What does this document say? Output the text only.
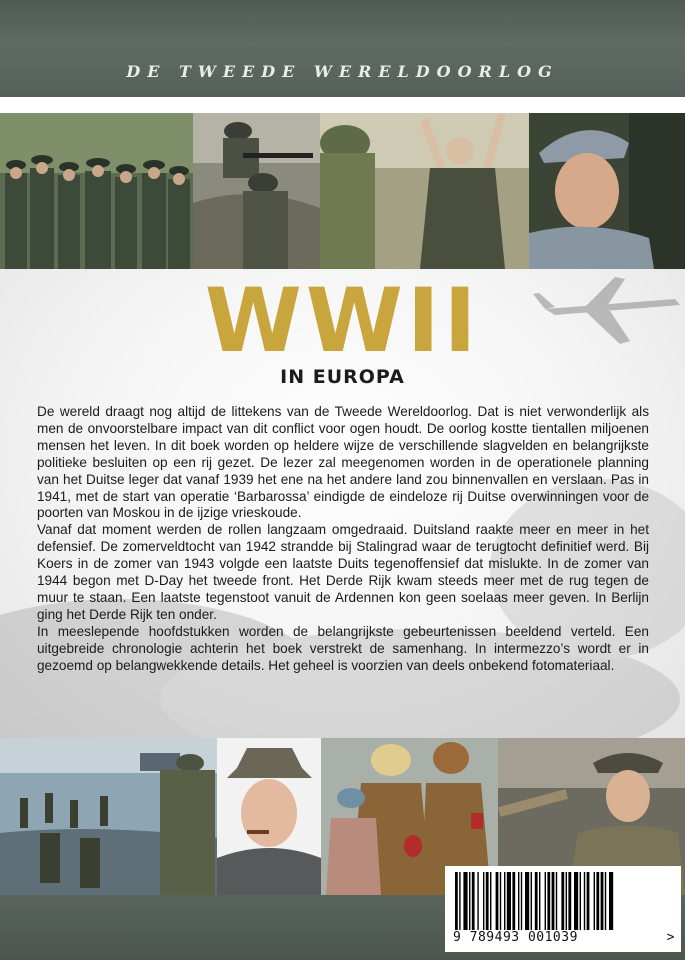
DE TWEEDE WERELDOORLOG
WWII
IN EUROPA

De wereld draagt nog altijd de littekens van de Tweede Wereldoorlog. Dat is niet verwonderlijk als men de onvoorstelbare impact van dit conflict voor ogen houdt. De oorlog kostte tientallen miljoenen mensen het leven. In dit boek worden op heldere wijze de verschillende slagvelden en belangrijkste politieke besluiten op een rij gezet. De lezer zal meegenomen worden in de operationele planning van het Duitse leger dat vanaf 1939 het ene na het andere land zou binnenvallen en verslaan. Pas in 1941, met de start van operatie ‘Barbarossa’ eindigde de eindeloze rij Duitse overwinningen voor de poorten van Moskou in de ijzige vrieskoude.

Vanaf dat moment werden de rollen langzaam omgedraaid. Duitsland raakte meer en meer in het defensief. De zomerveldtocht van 1942 strandde bij Stalingrad waar de terugtocht definitief werd. Bij Koers in de zomer van 1943 volgde een laatste Duits tegenoffensief dat mislukte. In de zomer van 1944 begon met D-Day het tweede front. Het Derde Rijk kwam steeds meer met de rug tegen de muur te staan. Een laatste tegenstoot vanuit de Ardennen kon geen soelaas meer geven. In Berlijn ging het Derde Rijk ten onder.

In meeslepende hoofdstukken worden de belangrijkste gebeurtenissen beeldend verteld. Een uitgebreide chronologie achterin het boek verstrekt de samenhang. In intermezzo’s wordt er in gezoemd op belangwekkende details. Het geheel is voorzien van deels onbekend fotomateriaal.

9 789493 001039	>
